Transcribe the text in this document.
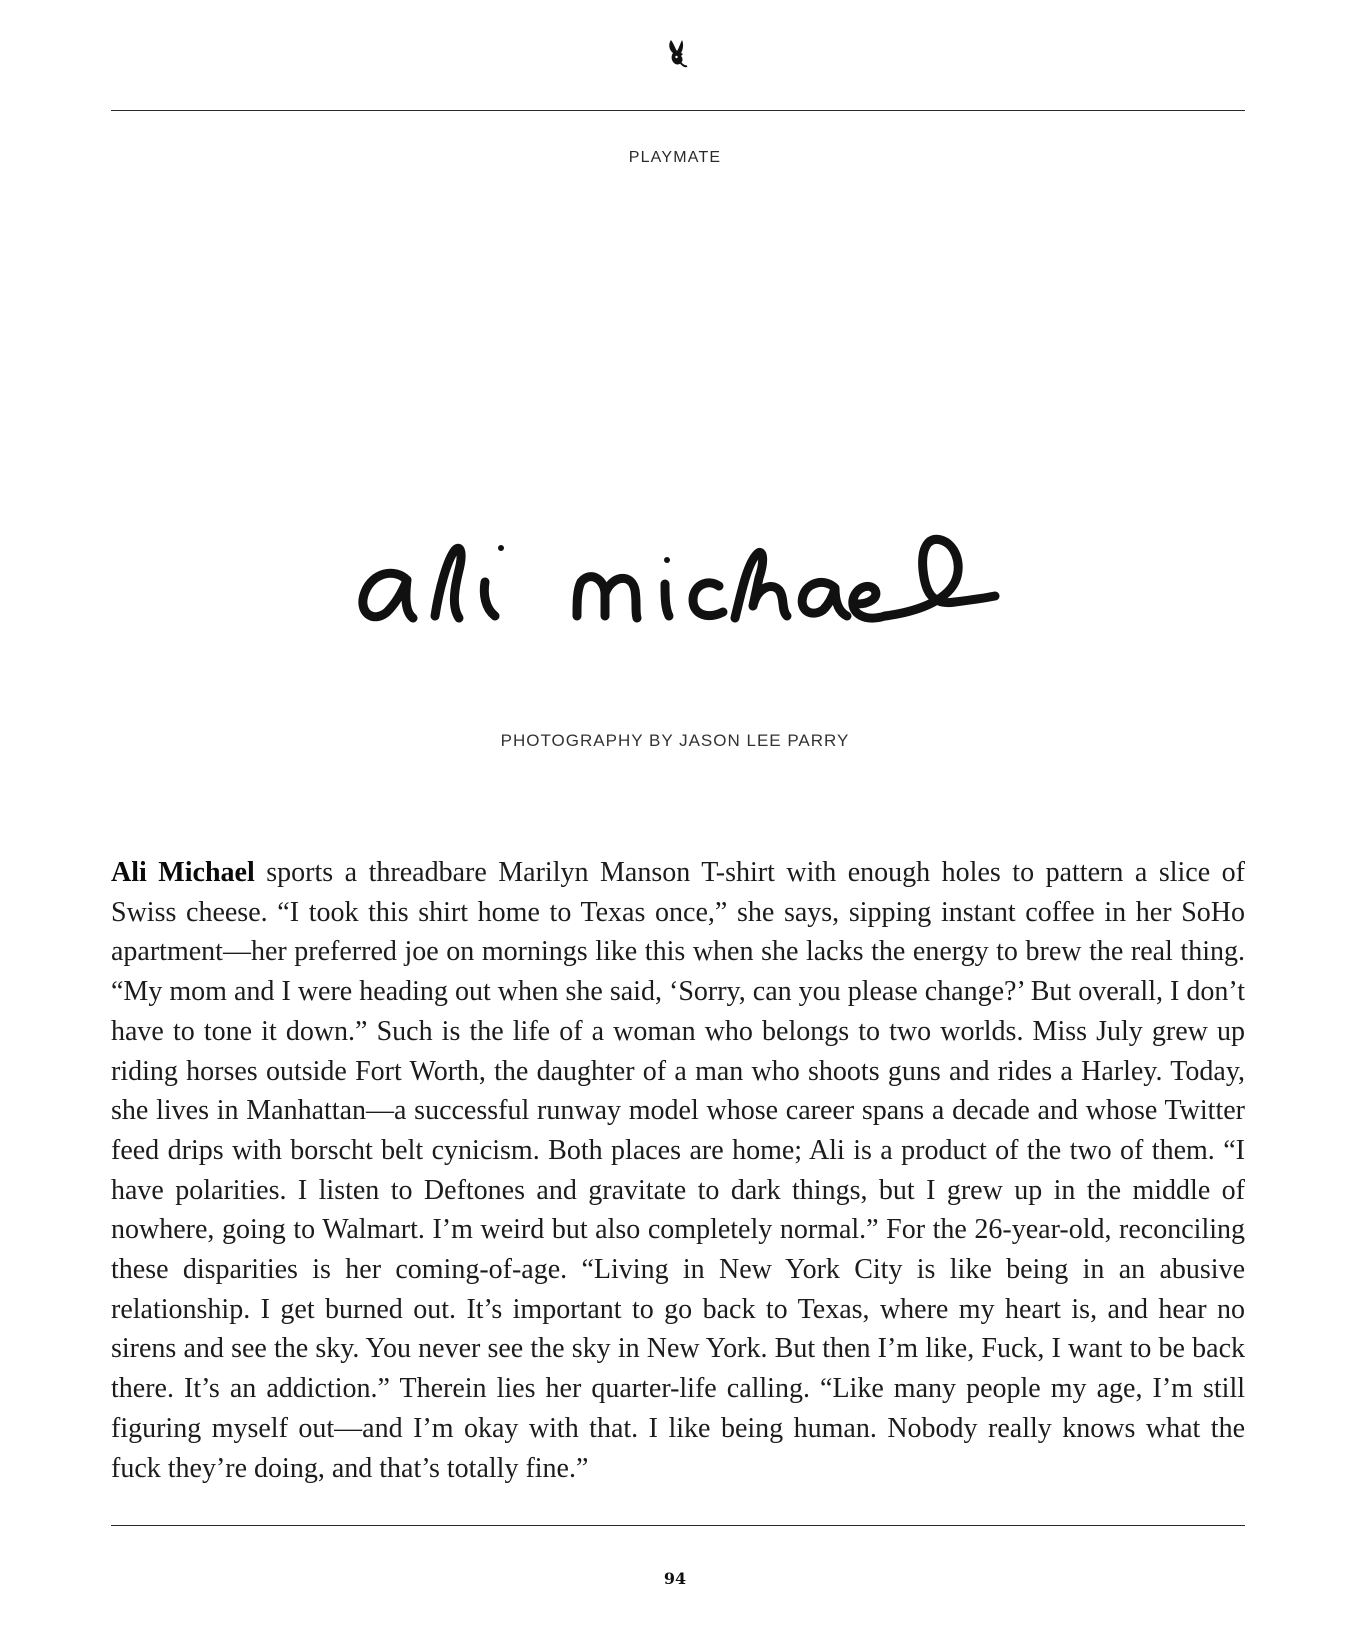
PLAYMATE
PHOTOGRAPHY BY JASON LEE PARRY
Ali Michael sports a threadbare Marilyn Manson T-shirt with enough holes to pattern a slice of Swiss cheese. “I took this shirt home to Texas once,” she says, sipping instant coffee in her SoHo apartment—her preferred joe on mornings like this when she lacks the energy to brew the real thing. “My mom and I were heading out when she said, ‘Sorry, can you please change?’ But overall, I don’t have to tone it down.” Such is the life of a woman who belongs to two worlds. Miss July grew up riding horses outside Fort Worth, the daughter of a man who shoots guns and rides a Harley. Today, she lives in Manhattan—a successful runway model whose career spans a decade and whose Twitter feed drips with borscht belt cynicism. Both places are home; Ali is a product of the two of them. “I have polarities. I listen to Deftones and gravitate to dark things, but I grew up in the middle of nowhere, going to Walmart. I’m weird but also completely normal.” For the 26-year-old, reconciling these disparities is her coming-of-age. “Living in New York City is like being in an abusive relationship. I get burned out. It’s important to go back to Texas, where my heart is, and hear no sirens and see the sky. You never see the sky in New York. But then I’m like, Fuck, I want to be back there. It’s an addiction.” Therein lies her quarter-life calling. “Like many people my age, I’m still figuring myself out—and I’m okay with that. I like being human. Nobody really knows what the fuck they’re doing, and that’s totally fine.”
94
